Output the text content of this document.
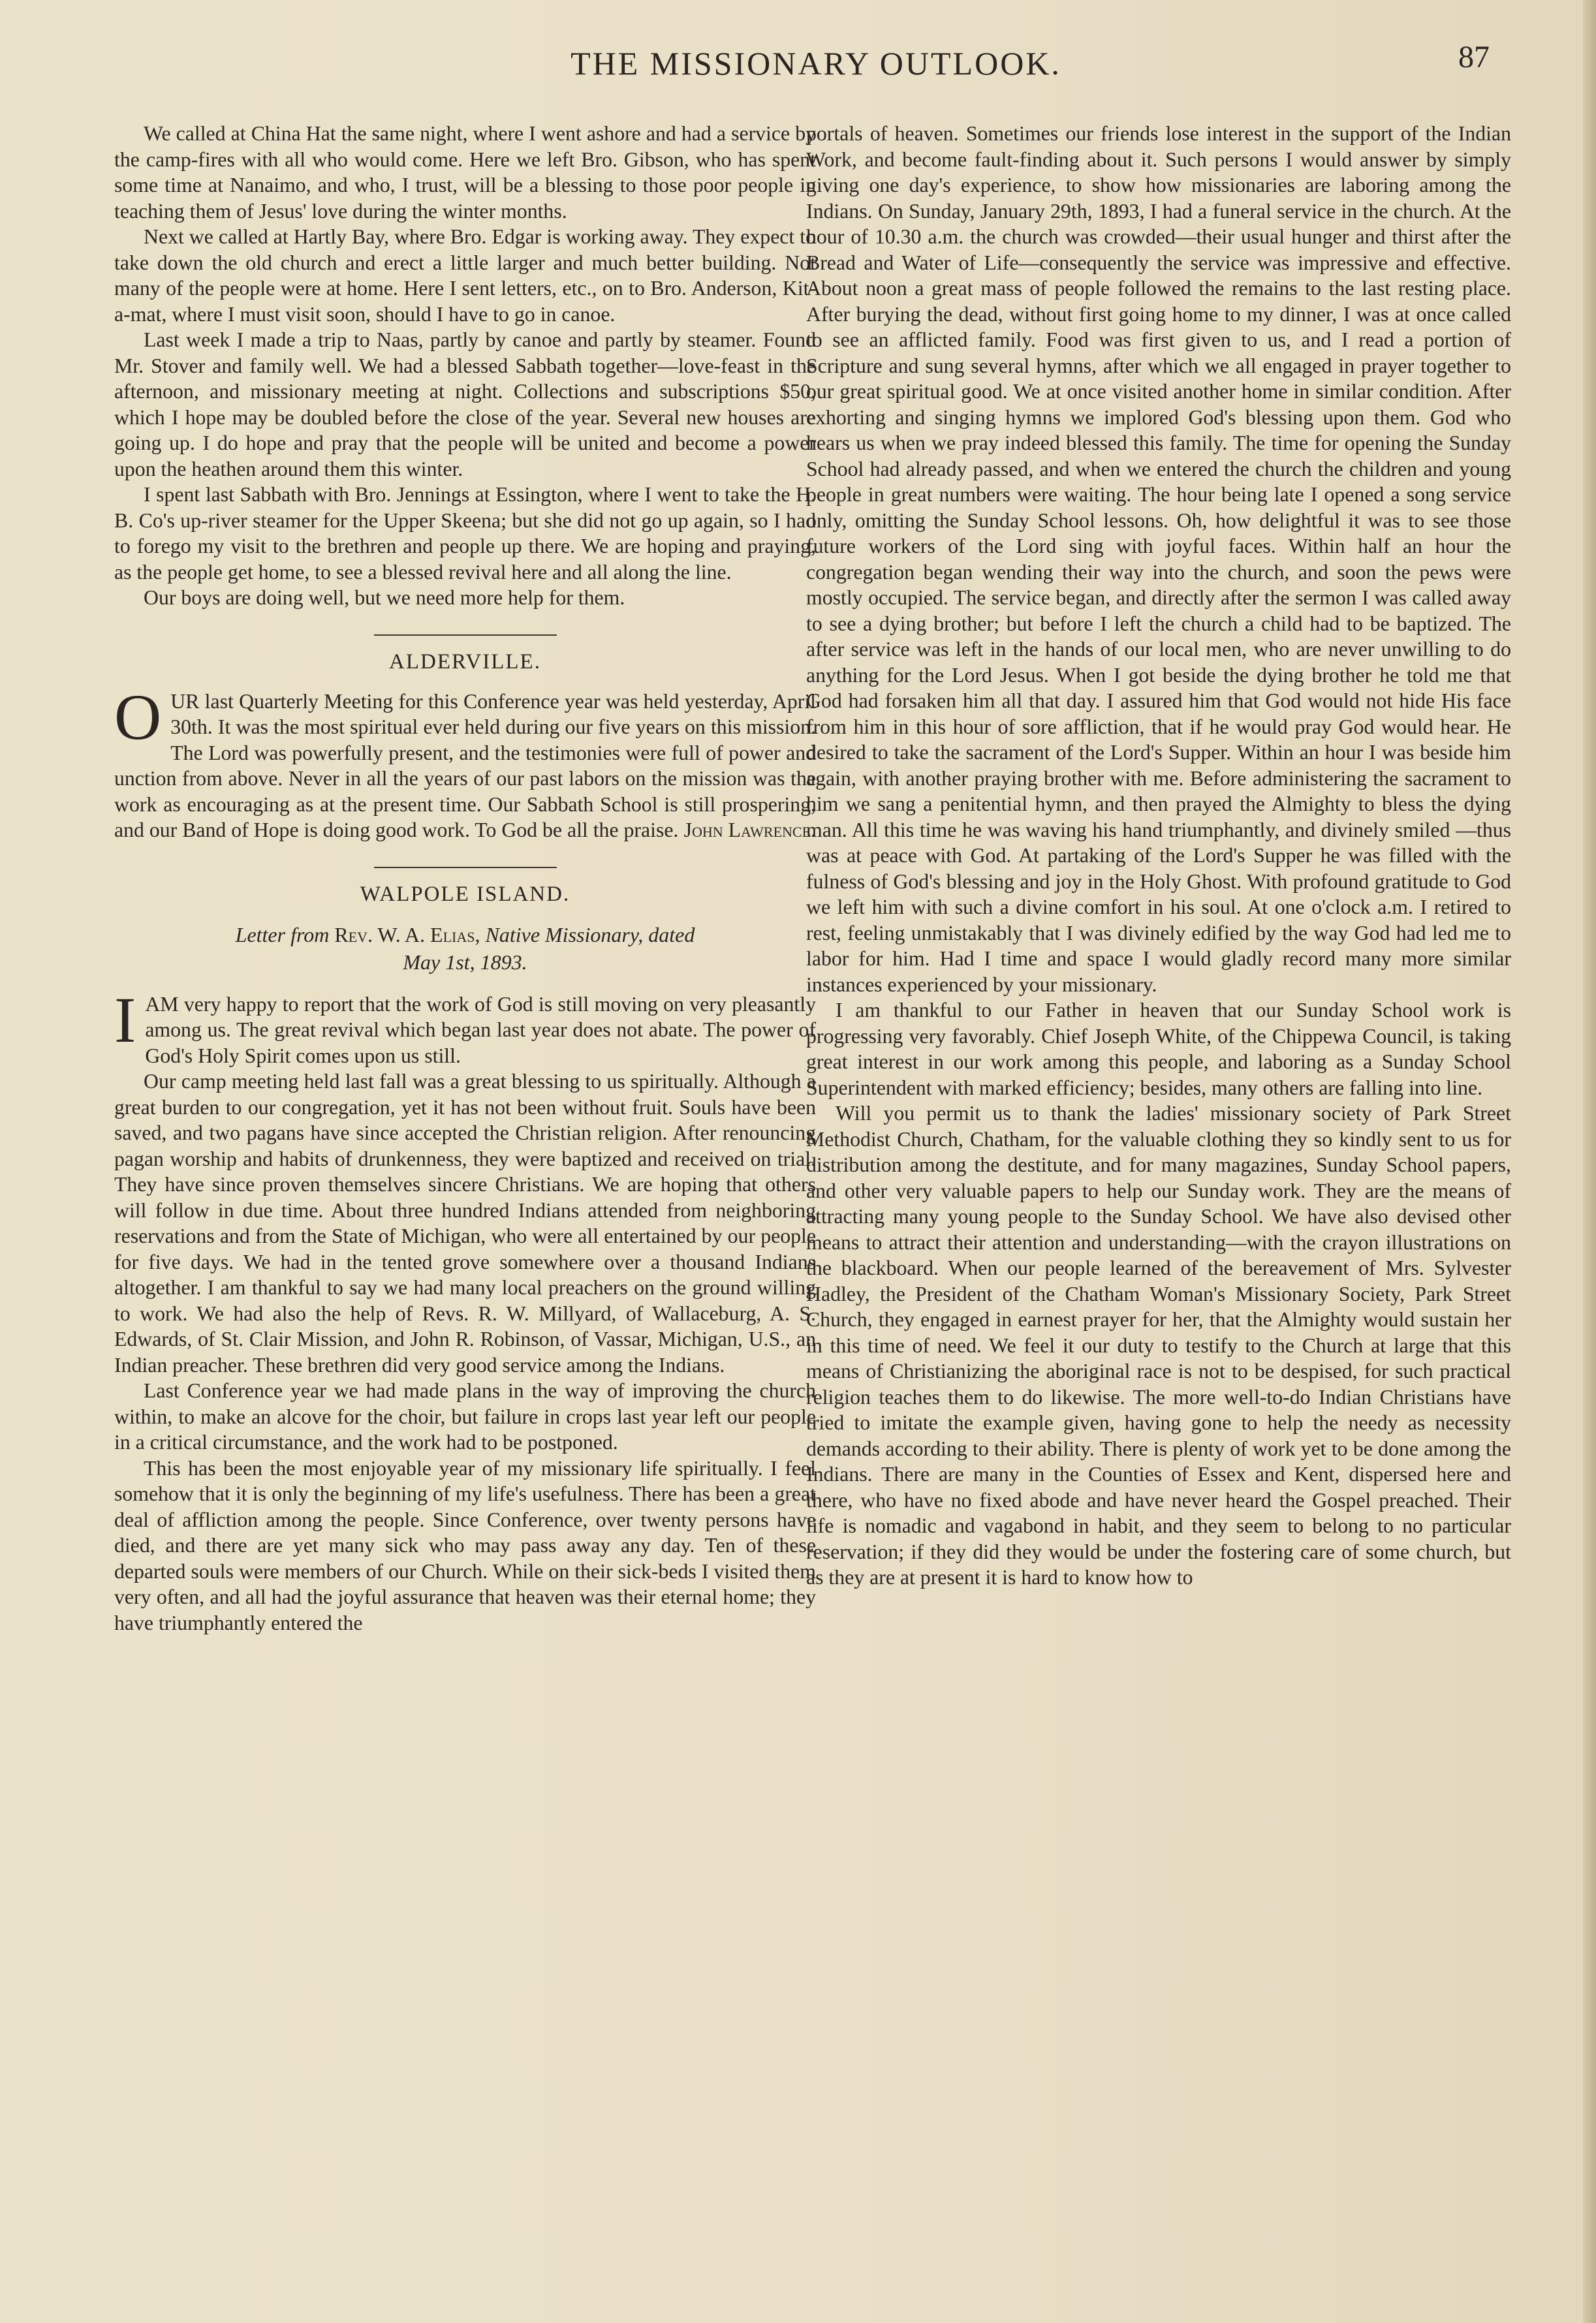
THE MISSIONARY OUTLOOK.	87

We called at China Hat the same night, where I went ashore and had a service by the camp-fires with all who would come. Here we left Bro. Gibson, who has spent some time at Nanaimo, and who, I trust, will be a blessing to those poor people in teaching them of Jesus' love during the winter months.

Next we called at Hartly Bay, where Bro. Edgar is working away. They expect to take down the old church and erect a little larger and much better building. Not many of the people were at home. Here I sent letters, etc., on to Bro. Anderson, Kit-a-mat, where I must visit soon, should I have to go in canoe.

Last week I made a trip to Naas, partly by canoe and partly by steamer. Found Mr. Stover and family well. We had a blessed Sabbath together—love-feast in the afternoon, and missionary meeting at night. Collections and subscriptions $50, which I hope may be doubled before the close of the year. Several new houses are going up. I do hope and pray that the people will be united and become a power upon the heathen around them this winter.

I spent last Sabbath with Bro. Jennings at Essington, where I went to take the H. B. Co's up-river steamer for the Upper Skeena; but she did not go up again, so I had to forego my visit to the brethren and people up there. We are hoping and praying, as the people get home, to see a blessed revival here and all along the line.

Our boys are doing well, but we need more help for them.

ALDERVILLE.

OUR last Quarterly Meeting for this Conference year was held yesterday, April 30th. It was the most spiritual ever held during our five years on this mission. The Lord was powerfully present, and the testimonies were full of power and unction from above. Never in all the years of our past labors on the mission was the work as encouraging as at the present time. Our Sabbath School is still prospering, and our Band of Hope is doing good work. To God be all the praise. John Lawrence.

WALPOLE ISLAND.
Letter from Rev. W. A. Elias, Native Missionary, dated
May 1st, 1893.

IAM very happy to report that the work of God is still moving on very pleasantly among us. The great revival which began last year does not abate. The power of God's Holy Spirit comes upon us still.

Our camp meeting held last fall was a great blessing to us spiritually. Although a great burden to our congregation, yet it has not been without fruit. Souls have been saved, and two pagans have since accepted the Christian religion. After renouncing pagan worship and habits of drunkenness, they were baptized and received on trial. They have since proven themselves sincere Christians. We are hoping that others will follow in due time. About three hundred Indians attended from neighboring reservations and from the State of Michigan, who were all entertained by our people for five days. We had in the tented grove somewhere over a thousand Indians altogether. I am thankful to say we had many local preachers on the ground willing to work. We had also the help of Revs. R. W. Millyard, of Wallaceburg, A. S. Edwards, of St. Clair Mission, and John R. Robinson, of Vassar, Michigan, U.S., an Indian preacher. These brethren did very good service among the Indians.

Last Conference year we had made plans in the way of improving the church within, to make an alcove for the choir, but failure in crops last year left our people in a critical circumstance, and the work had to be postponed.

This has been the most enjoyable year of my missionary life spiritually. I feel somehow that it is only the beginning of my life's usefulness. There has been a great deal of affliction among the people. Since Conference, over twenty persons have died, and there are yet many sick who may pass away any day. Ten of these departed souls were members of our Church. While on their sick-beds I visited them very often, and all had the joyful assurance that heaven was their eternal home; they have triumphantly entered the

portals of heaven. Sometimes our friends lose interest in the support of the Indian Work, and become fault-finding about it. Such persons I would answer by simply giving one day's experience, to show how missionaries are laboring among the Indians. On Sunday, January 29th, 1893, I had a funeral service in the church. At the hour of 10.30 a.m. the church was crowded—their usual hunger and thirst after the Bread and Water of Life—consequently the service was impressive and effective. About noon a great mass of people followed the remains to the last resting place. After burying the dead, without first going home to my dinner, I was at once called to see an afflicted family. Food was first given to us, and I read a portion of Scripture and sung several hymns, after which we all engaged in prayer together to our great spiritual good. We at once visited another home in similar condition. After exhorting and singing hymns we implored God's blessing upon them. God who hears us when we pray indeed blessed this family. The time for opening the Sunday School had already passed, and when we entered the church the children and young people in great numbers were waiting. The hour being late I opened a song service only, omitting the Sunday School lessons. Oh, how delightful it was to see those future workers of the Lord sing with joyful faces. Within half an hour the congregation began wending their way into the church, and soon the pews were mostly occupied. The service began, and directly after the sermon I was called away to see a dying brother; but before I left the church a child had to be baptized. The after service was left in the hands of our local men, who are never unwilling to do anything for the Lord Jesus. When I got beside the dying brother he told me that God had forsaken him all that day. I assured him that God would not hide His face from him in this hour of sore affliction, that if he would pray God would hear. He desired to take the sacrament of the Lord's Supper. Within an hour I was beside him again, with another praying brother with me. Before administering the sacrament to him we sang a penitential hymn, and then prayed the Almighty to bless the dying man. All this time he was waving his hand triumphantly, and divinely smiled —thus was at peace with God. At partaking of the Lord's Supper he was filled with the fulness of God's blessing and joy in the Holy Ghost. With profound gratitude to God we left him with such a divine comfort in his soul. At one o'clock a.m. I retired to rest, feeling unmistakably that I was divinely edified by the way God had led me to labor for him. Had I time and space I would gladly record many more similar instances experienced by your missionary.

I am thankful to our Father in heaven that our Sunday School work is progressing very favorably. Chief Joseph White, of the Chippewa Council, is taking great interest in our work among this people, and laboring as a Sunday School Superintendent with marked efficiency; besides, many others are falling into line.

Will you permit us to thank the ladies' missionary society of Park Street Methodist Church, Chatham, for the valuable clothing they so kindly sent to us for distribution among the destitute, and for many magazines, Sunday School papers, and other very valuable papers to help our Sunday work. They are the means of attracting many young people to the Sunday School. We have also devised other means to attract their attention and understanding—with the crayon illustrations on the blackboard. When our people learned of the bereavement of Mrs. Sylvester Hadley, the President of the Chatham Woman's Missionary Society, Park Street Church, they engaged in earnest prayer for her, that the Almighty would sustain her in this time of need. We feel it our duty to testify to the Church at large that this means of Christianizing the aboriginal race is not to be despised, for such practical religion teaches them to do likewise. The more well-to-do Indian Christians have tried to imitate the example given, having gone to help the needy as necessity demands according to their ability. There is plenty of work yet to be done among the Indians. There are many in the Counties of Essex and Kent, dispersed here and there, who have no fixed abode and have never heard the Gospel preached. Their life is nomadic and vagabond in habit, and they seem to belong to no particular reservation; if they did they would be under the fostering care of some church, but as they are at present it is hard to know how to
